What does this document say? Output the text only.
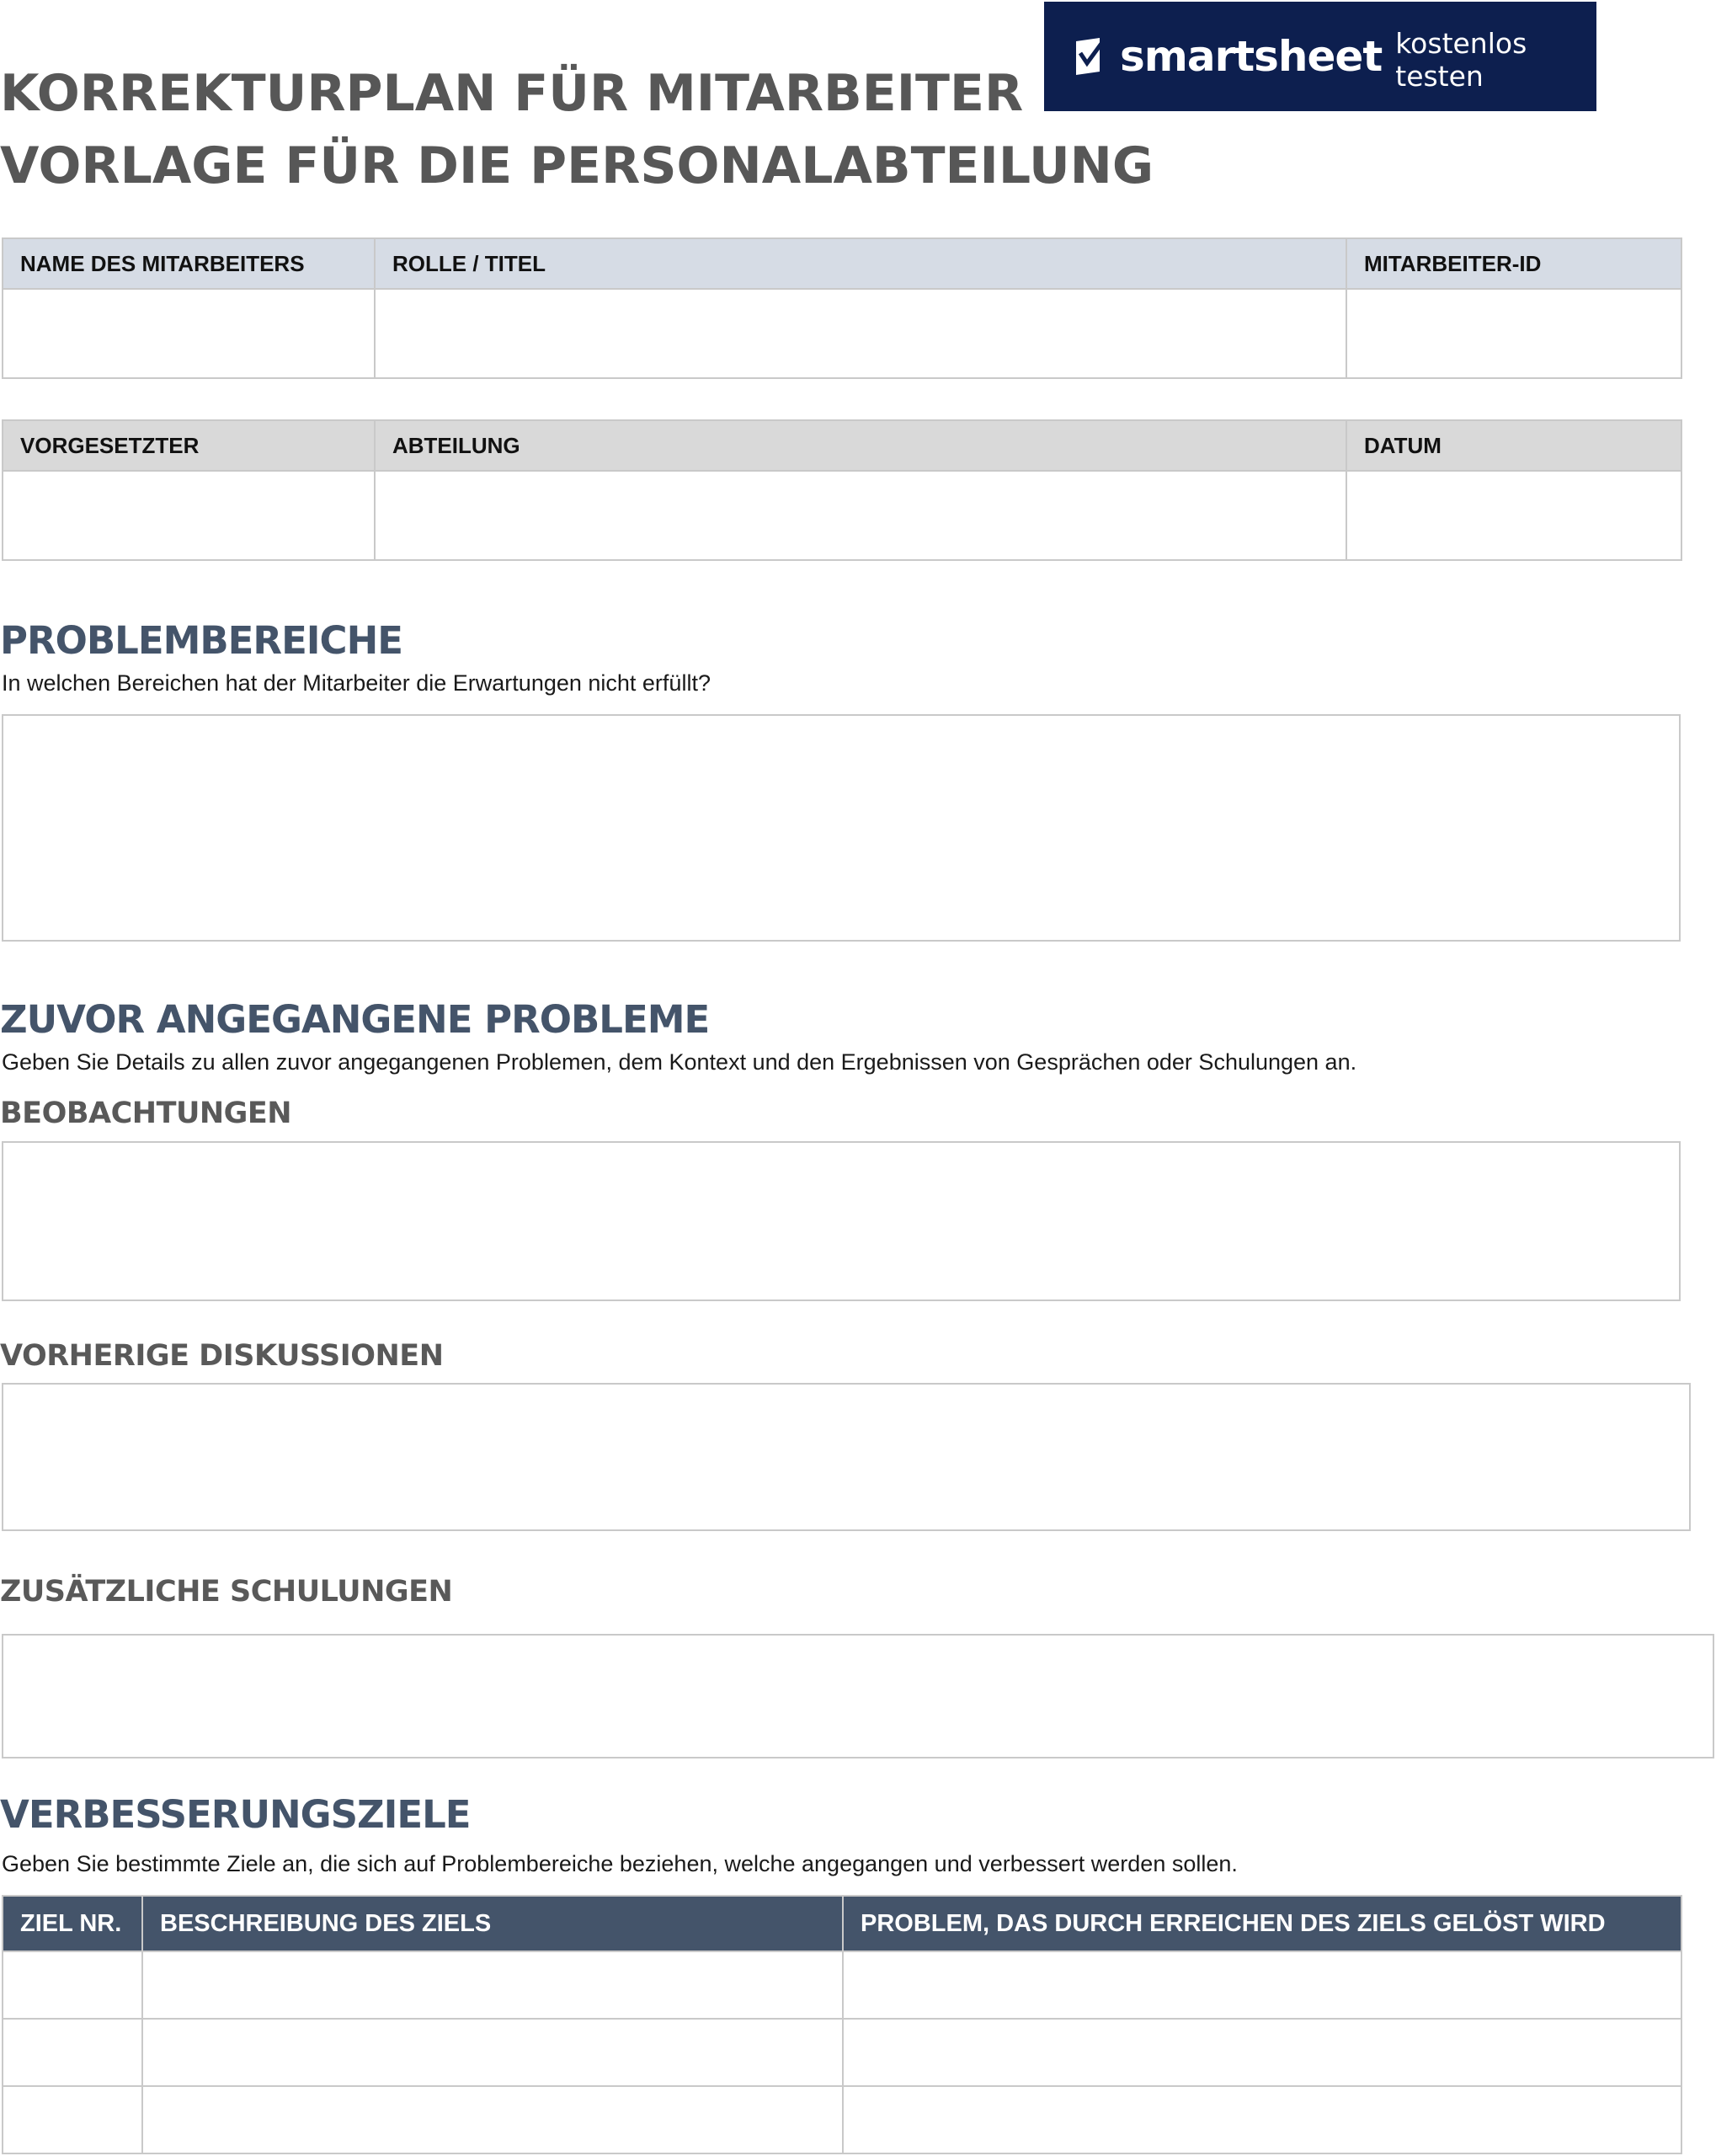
KORREKTURPLAN FÜR MITARBEITER
VORLAGE FÜR DIE PERSONALABTEILUNG
smartsheet kostenlos testen
NAME DES MITARBEITERS	ROLLE / TITEL	MITARBEITER-ID

VORGESETZTER	ABTEILUNG	DATUM

PROBLEMBEREICHE

In welchen Bereichen hat der Mitarbeiter die Erwartungen nicht erfüllt?

ZUVOR ANGEGANGENE PROBLEME

Geben Sie Details zu allen zuvor angegangenen Problemen, dem Kontext und den Ergebnissen von Gesprächen oder Schulungen an.

BEOBACHTUNGEN
VORHERIGE DISKUSSIONEN
ZUSÄTZLICHE SCHULUNGEN
VERBESSERUNGSZIELE

Geben Sie bestimmte Ziele an, die sich auf Problembereiche beziehen, welche angegangen und verbessert werden sollen.

ZIEL NR.	BESCHREIBUNG DES ZIELS	PROBLEM, DAS DURCH ERREICHEN DES ZIELS GELÖST WIRD
